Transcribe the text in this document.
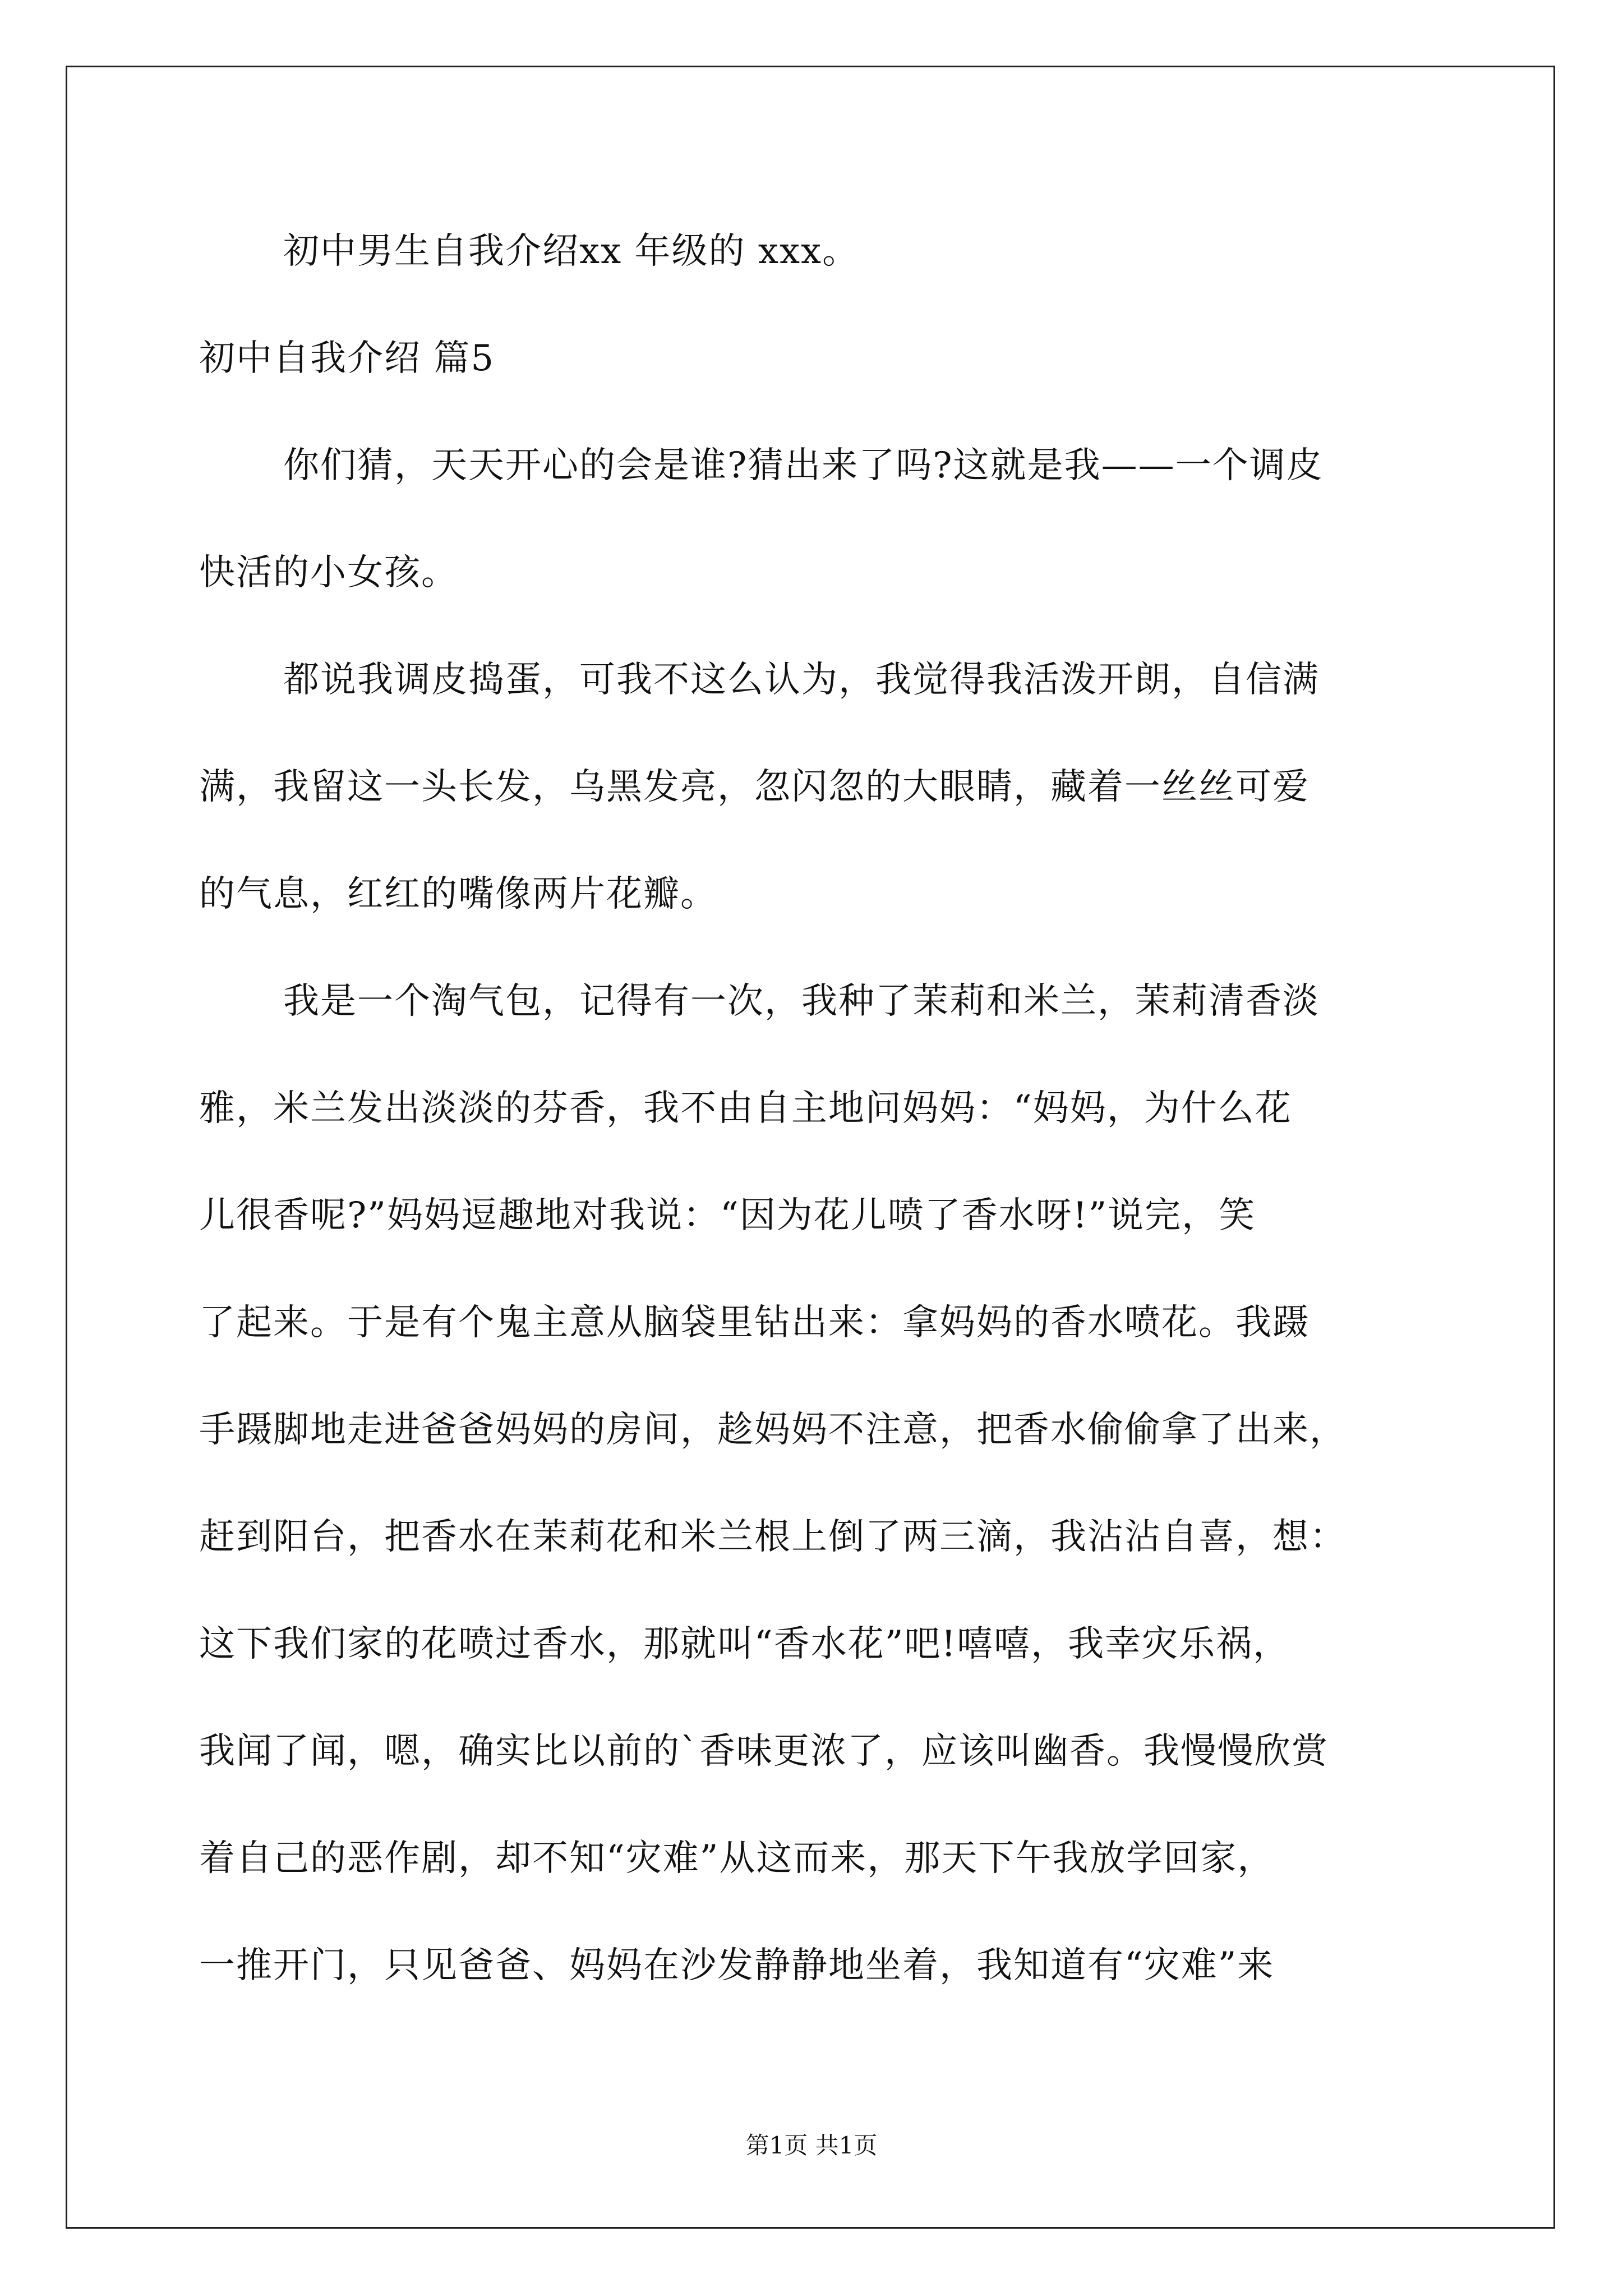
初中男生自我介绍xx 年级的 xxx。
初中自我介绍 篇5
你们猜，天天开心的会是谁?猜出来了吗?这就是我——一个调皮
快活的小女孩。
都说我调皮捣蛋，可我不这么认为，我觉得我活泼开朗，自信满
满，我留这一头长发，乌黑发亮，忽闪忽的大眼睛，藏着一丝丝可爱
的气息，红红的嘴像两片花瓣。
我是一个淘气包，记得有一次，我种了茉莉和米兰，茉莉清香淡
雅，米兰发出淡淡的芬香，我不由自主地问妈妈：“妈妈，为什么花
儿很香呢?”妈妈逗趣地对我说：“因为花儿喷了香水呀!”说完，笑
了起来。于是有个鬼主意从脑袋里钻出来：拿妈妈的香水喷花。我蹑
手蹑脚地走进爸爸妈妈的房间，趁妈妈不注意，把香水偷偷拿了出来，
赶到阳台，把香水在茉莉花和米兰根上倒了两三滴，我沾沾自喜，想：
这下我们家的花喷过香水，那就叫“香水花”吧!嘻嘻，我幸灾乐祸，
我闻了闻，嗯，确实比以前的`香味更浓了，应该叫幽香。我慢慢欣赏
着自己的恶作剧，却不知“灾难”从这而来，那天下午我放学回家，
一推开门，只见爸爸、妈妈在沙发静静地坐着，我知道有“灾难”来
第1页 共1页
